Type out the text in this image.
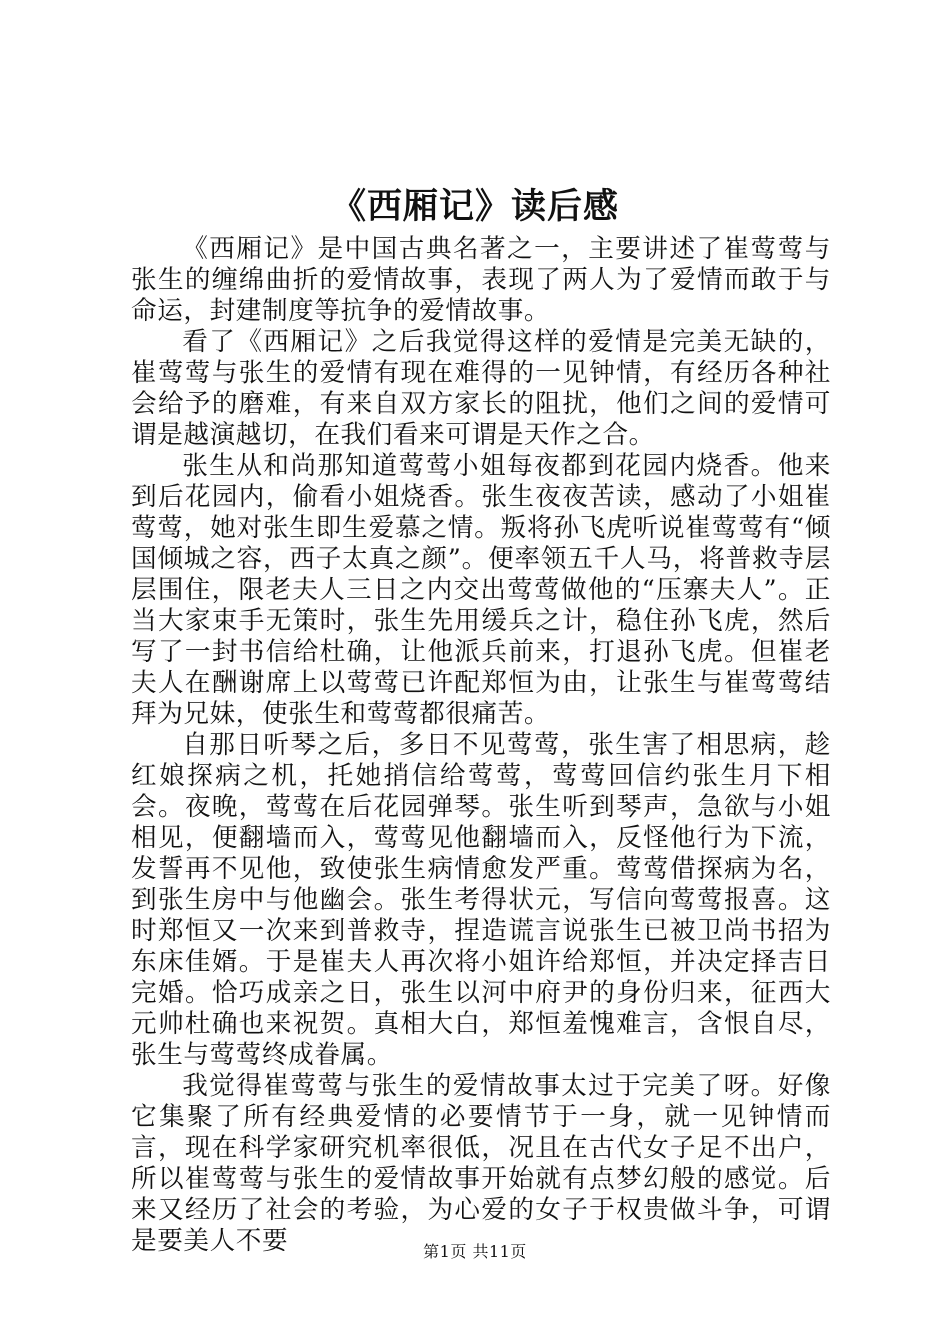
《西厢记》读后感

《西厢记》是中国古典名著之一，主要讲述了崔莺莺与张生的缠绵曲折的爱情故事，表现了两人为了爱情而敢于与命运，封建制度等抗争的爱情故事。

看了《西厢记》之后我觉得这样的爱情是完美无缺的，崔莺莺与张生的爱情有现在难得的一见钟情，有经历各种社会给予的磨难，有来自双方家长的阻扰，他们之间的爱情可谓是越演越切，在我们看来可谓是天作之合。

张生从和尚那知道莺莺小姐每夜都到花园内烧香。他来到后花园内，偷看小姐烧香。张生夜夜苦读，感动了小姐崔莺莺，她对张生即生爱慕之情。叛将孙飞虎听说崔莺莺有“倾国倾城之容，西子太真之颜”。便率领五千人马，将普救寺层层围住，限老夫人三日之内交出莺莺做他的“压寨夫人”。正当大家束手无策时，张生先用缓兵之计，稳住孙飞虎，然后写了一封书信给杜确，让他派兵前来，打退孙飞虎。但崔老夫人在酬谢席上以莺莺已许配郑恒为由，让张生与崔莺莺结拜为兄妹，使张生和莺莺都很痛苦。

自那日听琴之后，多日不见莺莺，张生害了相思病，趁红娘探病之机，托她捎信给莺莺，莺莺回信约张生月下相会。夜晚，莺莺在后花园弹琴。张生听到琴声，急欲与小姐相见，便翻墙而入，莺莺见他翻墙而入，反怪他行为下流，发誓再不见他，致使张生病情愈发严重。莺莺借探病为名，到张生房中与他幽会。张生考得状元，写信向莺莺报喜。这时郑恒又一次来到普救寺，捏造谎言说张生已被卫尚书招为东床佳婿。于是崔夫人再次将小姐许给郑恒，并决定择吉日完婚。恰巧成亲之日，张生以河中府尹的身份归来，征西大元帅杜确也来祝贺。真相大白，郑恒羞愧难言，含恨自尽，张生与莺莺终成眷属。

我觉得崔莺莺与张生的爱情故事太过于完美了呀。好像它集聚了所有经典爱情的必要情节于一身，就一见钟情而言，现在科学家研究机率很低，况且在古代女子足不出户，所以崔莺莺与张生的爱情故事开始就有点梦幻般的感觉。后来又经历了社会的考验，为心爱的女子于权贵做斗争，可谓是要美人不要	第1页 共11页
